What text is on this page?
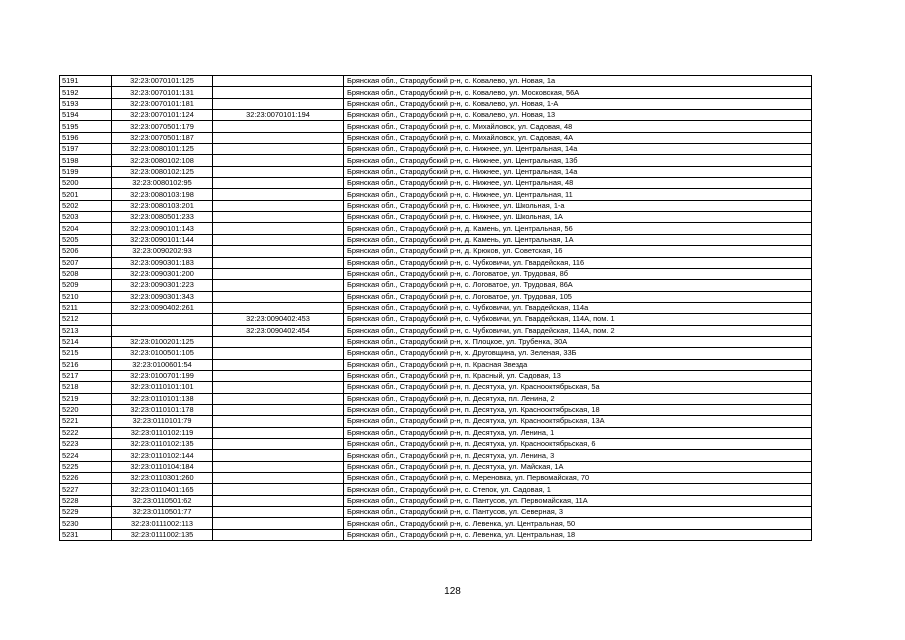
5191	32:23:0070101:125		Брянская обл., Стародубский р-н, с. Ковалево, ул. Новая, 1а
5192	32:23:0070101:131		Брянская обл., Стародубский р-н, с. Ковалево, ул. Московская, 56А
5193	32:23:0070101:181		Брянская обл., Стародубский р-н, с. Ковалево, ул. Новая, 1-А
5194	32:23:0070101:124	32:23:0070101:194	Брянская обл., Стародубский р-н, с. Ковалево, ул. Новая, 13
5195	32:23:0070501:179		Брянская обл., Стародубский р-н, с. Михайловск, ул. Садовая, 48
5196	32:23:0070501:187		Брянская обл., Стародубский р-н, с. Михайловск, ул. Садовая, 4А
5197	32:23:0080101:125		Брянская обл., Стародубский р-н, с. Нижнее, ул. Центральная, 14а
5198	32:23:0080102:108		Брянская обл., Стародубский р-н, с. Нижнее, ул. Центральная, 13б
5199	32:23:0080102:125		Брянская обл., Стародубский р-н, с. Нижнее, ул. Центральная, 14а
5200	32:23:0080102:95		Брянская обл., Стародубский р-н, с. Нижнее, ул. Центральная, 48
5201	32:23:0080103:198		Брянская обл., Стародубский р-н, с. Нижнее, ул. Центральная, 11
5202	32:23:0080103:201		Брянская обл., Стародубский р-н, с. Нижнее, ул. Школьная, 1-а
5203	32:23:0080501:233		Брянская обл., Стародубский р-н, с. Нижнее, ул. Школьная, 1А
5204	32:23:0090101:143		Брянская обл., Стародубский р-н, д. Камень, ул. Центральная, 56
5205	32:23:0090101:144		Брянская обл., Стародубский р-н, д. Камень, ул. Центральная, 1А
5206	32:23:0090202:93		Брянская обл., Стародубский р-н, д. Крюков, ул. Советская, 16
5207	32:23:0090301:183		Брянская обл., Стародубский р-н, с. Чубковичи, ул. Гвардейская, 116
5208	32:23:0090301:200		Брянская обл., Стародубский р-н, с. Логоватое, ул. Трудовая, 8б
5209	32:23:0090301:223		Брянская обл., Стародубский р-н, с. Логоватое, ул. Трудовая, 86А
5210	32:23:0090301:343		Брянская обл., Стародубский р-н, с. Логоватое, ул. Трудовая, 105
5211	32:23:0090402:261		Брянская обл., Стародубский р-н, с. Чубковичи, ул. Гвардейская, 114а
5212		32:23:0090402:453	Брянская обл., Стародубский р-н, с. Чубковичи, ул. Гвардейская, 114А, пом. 1
5213		32:23:0090402:454	Брянская обл., Стародубский р-н, с. Чубковичи, ул. Гвардейская, 114А, пом. 2
5214	32:23:0100201:125		Брянская обл., Стародубский р-н, х. Плоцкое, ул. Трубенка, 30А
5215	32:23:0100501:105		Брянская обл., Стародубский р-н, х. Друговщина, ул. Зеленая, 33Б
5216	32:23:0100601:54		Брянская обл., Стародубский р-н, п. Красная Звезда
5217	32:23:0100701:199		Брянская обл., Стародубский р-н, п. Красный, ул. Садовая, 13
5218	32:23:0110101:101		Брянская обл., Стародубский р-н, п. Десятуха, ул. Краснооктябрьская, 5а
5219	32:23:0110101:138		Брянская обл., Стародубский р-н, п. Десятуха, пл. Ленина, 2
5220	32:23:0110101:178		Брянская обл., Стародубский р-н, п. Десятуха, ул. Краснооктябрьская, 18
5221	32:23:0110101:79		Брянская обл., Стародубский р-н, п. Десятуха, ул. Краснооктябрьская, 13А
5222	32:23:0110102:119		Брянская обл., Стародубский р-н, п. Десятуха, ул. Ленина, 1
5223	32:23:0110102:135		Брянская обл., Стародубский р-н, п. Десятуха, ул. Краснооктябрьская, 6
5224	32:23:0110102:144		Брянская обл., Стародубский р-н, п. Десятуха, ул. Ленина, 3
5225	32:23:0110104:184		Брянская обл., Стародубский р-н, п. Десятуха, ул. Майская, 1А
5226	32:23:0110301:260		Брянская обл., Стародубский р-н, с. Мереновка, ул. Первомайская, 70
5227	32:23:0110401:165		Брянская обл., Стародубский р-н, с. Степок, ул. Садовая, 1
5228	32:23:0110501:62		Брянская обл., Стародубский р-н, с. Пантусов, ул. Первомайская, 11А
5229	32:23:0110501:77		Брянская обл., Стародубский р-н, с. Пантусов, ул. Северная, 3
5230	32:23:0111002:113		Брянская обл., Стародубский р-н, с. Левенка, ул. Центральная, 50
5231	32:23:0111002:135		Брянская обл., Стародубский р-н, с. Левенка, ул. Центральная, 18
128
